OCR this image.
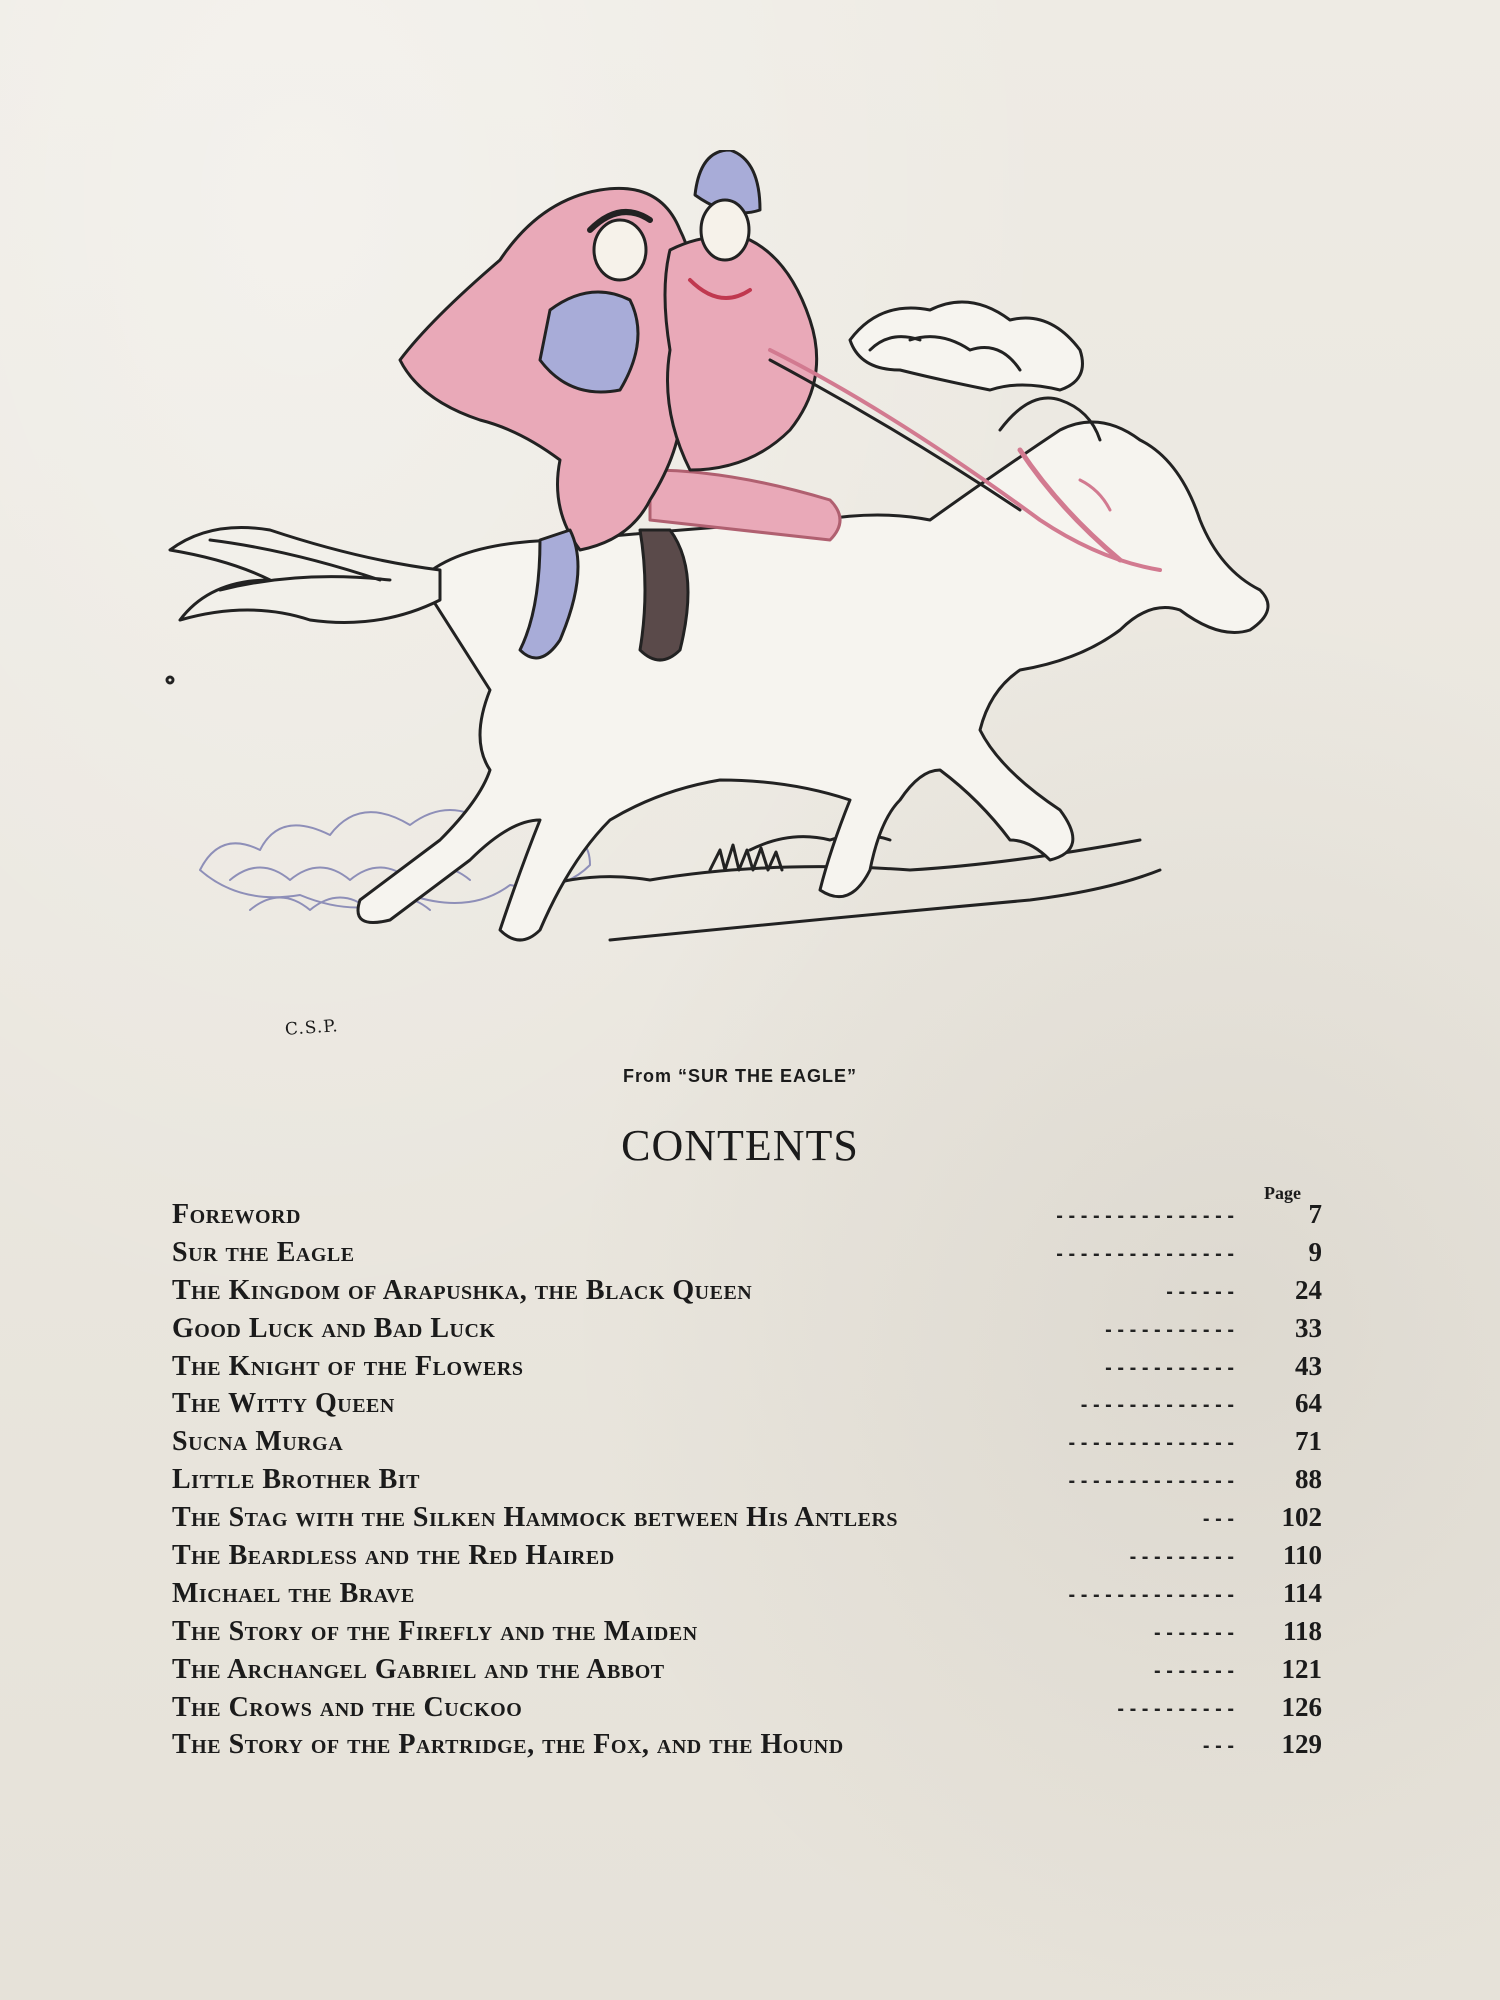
C.S.P.
From “SUR THE EAGLE”
CONTENTS
Page
Foreword	- - - - - - - - - - - - - - -	7
Sur the Eagle	- - - - - - - - - - - - - - -	9
The Kingdom of Arapushka, the Black Queen	- - - - - -	24
Good Luck and Bad Luck	- - - - - - - - - - -	33
The Knight of the Flowers	- - - - - - - - - - -	43
The Witty Queen	- - - - - - - - - - - - -	64
Sucna Murga	- - - - - - - - - - - - - -	71
Little Brother Bit	- - - - - - - - - - - - - -	88
The Stag with the Silken Hammock between His Antlers	- - -	102
The Beardless and the Red Haired	- - - - - - - - -	110
Michael the Brave	- - - - - - - - - - - - - -	114
The Story of the Firefly and the Maiden	- - - - - - -	118
The Archangel Gabriel and the Abbot	- - - - - - -	121
The Crows and the Cuckoo	- - - - - - - - - -	126
The Story of the Partridge, the Fox, and the Hound	- - -	129
